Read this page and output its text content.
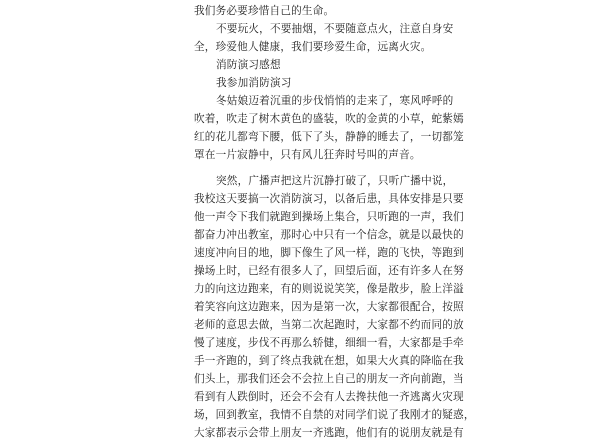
我们务必要珍惜自己的生命。
不要玩火，不要抽烟，不要随意点火，注意自身安
全，珍爱他人健康，我们要珍爱生命，远离火灾。
消防演习感想
我参加消防演习
冬姑娘迈着沉重的步伐悄悄的走来了，寒风呼呼的
吹着，吹走了树木黄色的盛装，吹的金黄的小草，蛇紫嫣
红的花儿都弯下腰，低下了头，静静的睡去了，一切都笼
罩在一片寂静中，只有风儿狂奔时号叫的声音。
突然，广播声把这片沉静打破了，只听广播中说，
我校这天要搞一次消防演习，以备后患，具体安排是只要
他一声令下我们就跑到操场上集合，只听跑的一声，我们
都奋力冲出教室，那时心中只有一个信念，就是以最快的
速度冲向目的地，脚下像生了风一样，跑的飞快，等跑到
操场上时，已经有很多人了，回望后面，还有许多人在努
力的向这边跑来，有的则说说笑笑，像是散步，脸上洋溢
着笑容向这边跑来，因为是第一次，大家都很配合，按照
老师的意思去做，当第二次起跑时，大家都不约而同的放
慢了速度，步伐不再那么轿健，细细一看，大家都是手牵
手一齐跑的，到了终点我就在想，如果大火真的降临在我
们头上，那我们还会不会拉上自己的朋友一齐向前跑，当
看到有人跌倒时，还会不会有人去搀扶他一齐逃离火灾现
场，回到教室，我情不自禁的对同学们说了我刚才的疑惑，
大家都表示会带上朋友一齐逃跑，他们有的说朋友就是有
